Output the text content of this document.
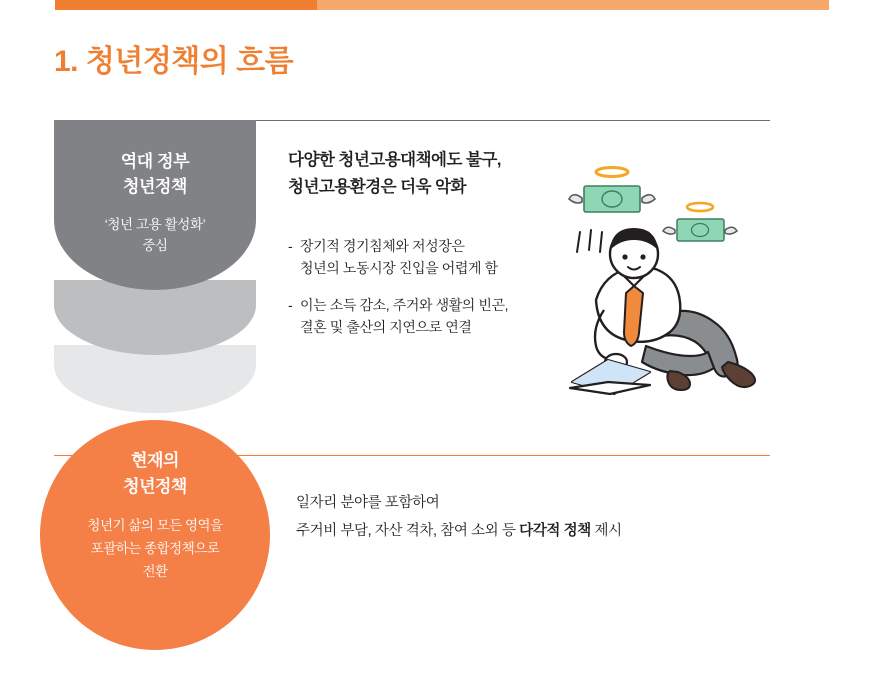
1. 청년정책의 흐름
역대 정부
청년정책
‘청년 고용 활성화’
중심
현재의
청년정책
청년기 삶의 모든 영역을
포괄하는 종합정책으로
전환
다양한 청년고용대책에도 불구,
청년고용환경은 더욱 악화
- 장기적 경기침체와 저성장은
청년의 노동시장 진입을 어렵게 함
- 이는 소득 감소, 주거와 생활의 빈곤,
결혼 및 출산의 지연으로 연결
일자리 분야를 포함하여
주거비 부담, 자산 격차, 참여 소외 등 다각적 정책 제시
